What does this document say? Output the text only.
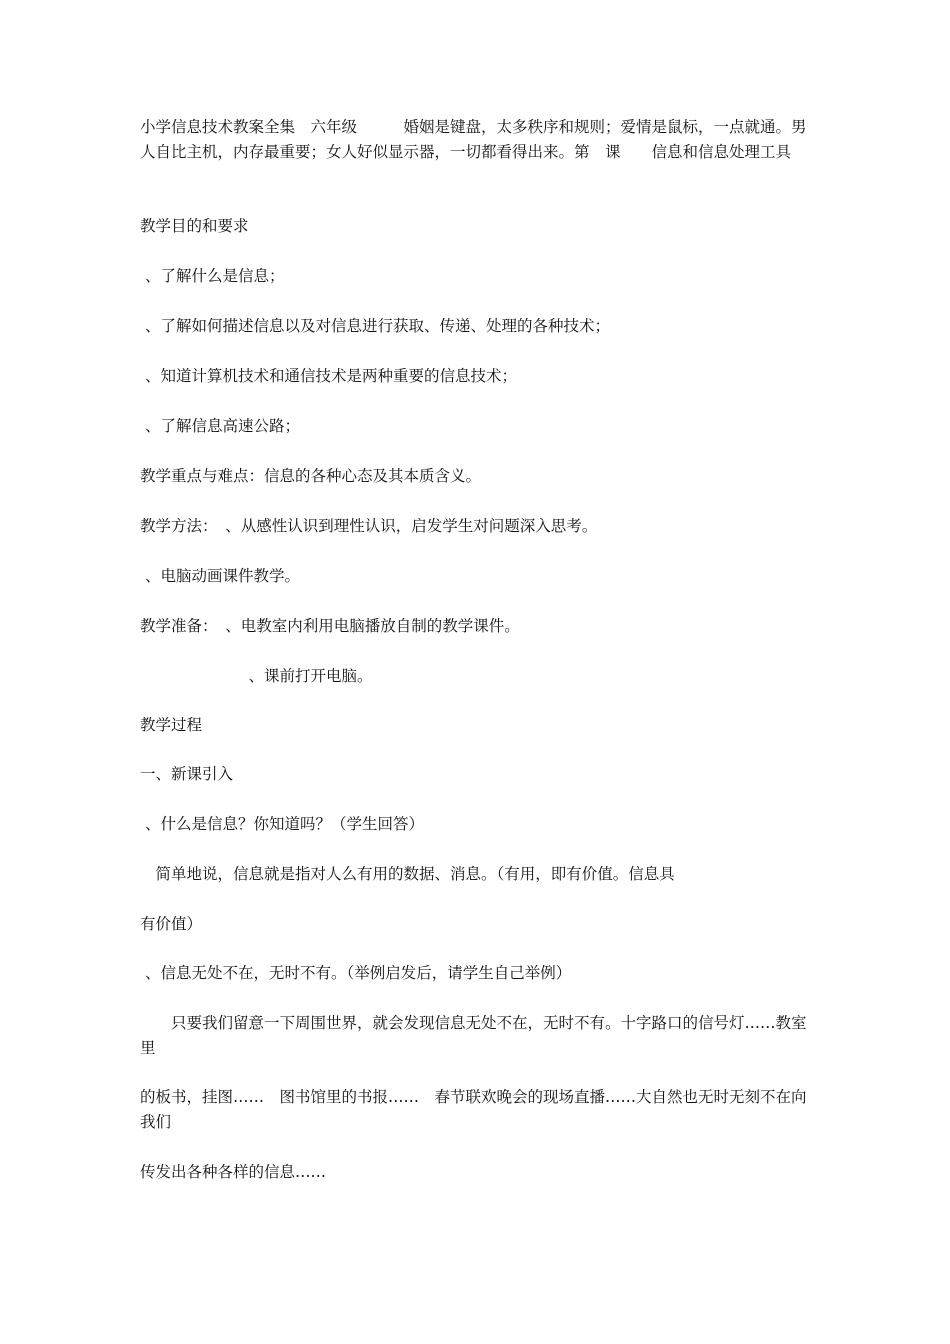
小学信息技术教案全集　六年级　　　婚姻是键盘，太多秩序和规则；爱情是鼠标，一点就通。男人自比主机，内存最重要；女人好似显示器，一切都看得出来。第　课　　信息和信息处理工具

教学目的和要求

、了解什么是信息；

、了解如何描述信息以及对信息进行获取、传递、处理的各种技术；

、知道计算机技术和通信技术是两种重要的信息技术；

、了解信息高速公路；

教学重点与难点：信息的各种心态及其本质含义。

教学方法：　、从感性认识到理性认识，启发学生对问题深入思考。

、电脑动画课件教学。

教学准备：　、电教室内利用电脑播放自制的教学课件。

　　　　　　　、课前打开电脑。

教学过程

一、新课引入

、什么是信息？你知道吗？（学生回答）

　简单地说，信息就是指对人么有用的数据、消息。（有用，即有价值。信息具

有价值）

、信息无处不在，无时不有。（举例启发后，请学生自己举例）

　　只要我们留意一下周围世界，就会发现信息无处不在，无时不有。十字路口的信号灯……教室里

的板书，挂图……　图书馆里的书报……　春节联欢晚会的现场直播……大自然也无时无刻不在向我们

传发出各种各样的信息……
